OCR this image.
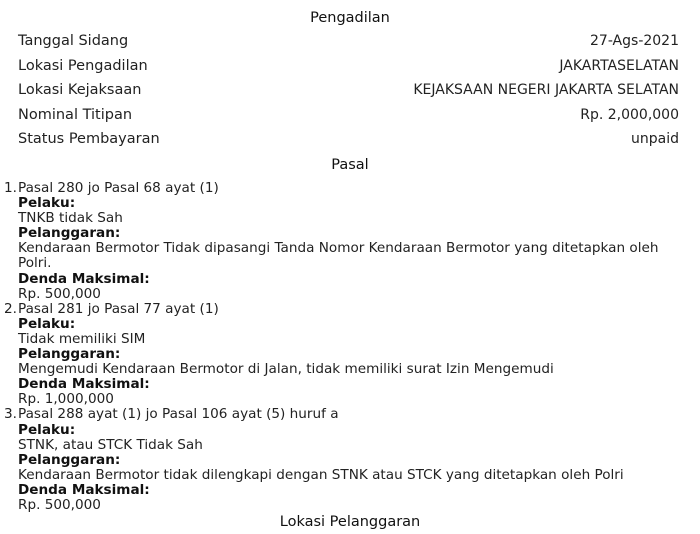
Pengadilan
Tanggal Sidang	27-Ags-2021
Lokasi Pengadilan	JAKARTASELATAN
Lokasi Kejaksaan	KEJAKSAAN NEGERI JAKARTA SELATAN
Nominal Titipan	Rp. 2,000,000
Status Pembayaran	unpaid
Pasal
1. Pasal 280 jo Pasal 68 ayat (1)
Pelaku:
TNKB tidak Sah
Pelanggaran:
Kendaraan Bermotor Tidak dipasangi Tanda Nomor Kendaraan Bermotor yang ditetapkan oleh Polri.
Denda Maksimal:
Rp. 500,000
2. Pasal 281 jo Pasal 77 ayat (1)
Pelaku:
Tidak memiliki SIM
Pelanggaran:
Mengemudi Kendaraan Bermotor di Jalan, tidak memiliki surat Izin Mengemudi
Denda Maksimal:
Rp. 1,000,000
3. Pasal 288 ayat (1) jo Pasal 106 ayat (5) huruf a
Pelaku:
STNK, atau STCK Tidak Sah
Pelanggaran:
Kendaraan Bermotor tidak dilengkapi dengan STNK atau STCK yang ditetapkan oleh Polri
Denda Maksimal:
Rp. 500,000
Lokasi Pelanggaran
